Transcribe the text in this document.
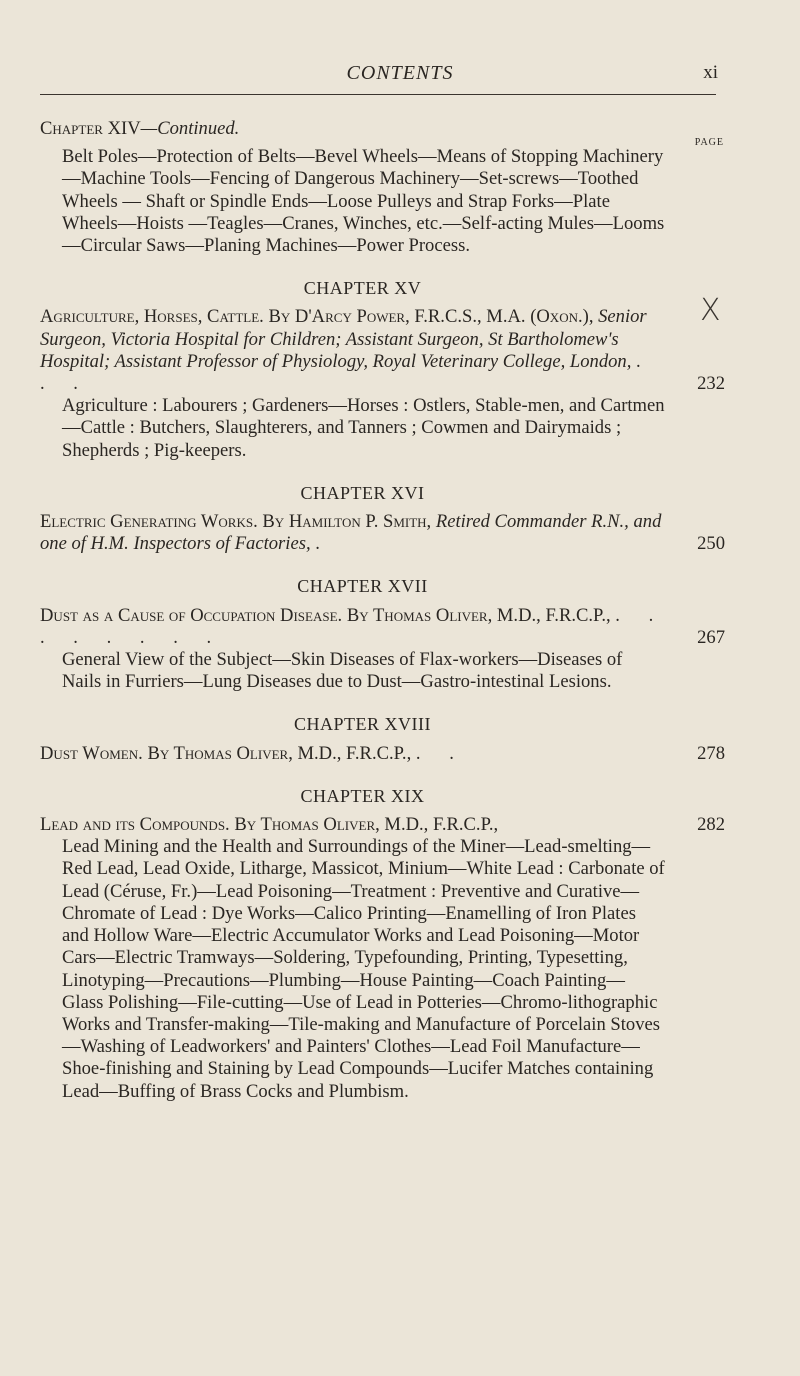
CONTENTS	xi
PAGE
X

Chapter XIV—Continued.

Belt Poles—Protection of Belts—Bevel Wheels—Means of Stopping Machinery—Machine Tools—Fencing of Dangerous Machinery—Set-screws—Toothed Wheels — Shaft or Spindle Ends—Loose Pulleys and Strap Forks—Plate Wheels—Hoists —Teagles—Cranes, Winches, etc.—Self-acting Mules—Looms —Circular Saws—Planing Machines—Power Process.

CHAPTER XV
Agriculture, Horses, Cattle. By D'Arcy Power, F.R.C.S., M.A. (Oxon.), Senior Surgeon, Victoria Hospital for Children; Assistant Surgeon, St Bartholomew's Hospital; Assistant Professor of Physiology, Royal Veterinary College, London, . . .	232

Agriculture : Labourers ; Gardeners—Horses : Ostlers, Stable-men, and Cartmen—Cattle : Butchers, Slaughterers, and Tanners ; Cowmen and Dairymaids ; Shepherds ; Pig-keepers.

CHAPTER XVI
Electric Generating Works. By Hamilton P. Smith, Retired Commander R.N., and one of H.M. Inspectors of Factories, .	250
CHAPTER XVII
Dust as a Cause of Occupation Disease. By Thomas Oliver, M.D., F.R.C.P., . . . . . . . .	267

General View of the Subject—Skin Diseases of Flax-workers—Diseases of Nails in Furriers—Lung Diseases due to Dust—Gastro-intestinal Lesions.

CHAPTER XVIII
Dust Women. By Thomas Oliver, M.D., F.R.C.P., . .	278
CHAPTER XIX
Lead and its Compounds. By Thomas Oliver, M.D., F.R.C.P.,	282

Lead Mining and the Health and Surroundings of the Miner—Lead-smelting—Red Lead, Lead Oxide, Litharge, Massicot, Minium—White Lead : Carbonate of Lead (Céruse, Fr.)—Lead Poisoning—Treatment : Preventive and Curative—Chromate of Lead : Dye Works—Calico Printing—Enamelling of Iron Plates and Hollow Ware—Electric Accumulator Works and Lead Poisoning—Motor Cars—Electric Tramways—Soldering, Typefounding, Printing, Typesetting, Linotyping—Precautions—Plumbing—House Painting—Coach Painting—Glass Polishing—File-cutting—Use of Lead in Potteries—Chromo-lithographic Works and Transfer-making—Tile-making and Manufacture of Porcelain Stoves—Washing of Leadworkers' and Painters' Clothes—Lead Foil Manufacture—Shoe-finishing and Staining by Lead Compounds—Lucifer Matches containing Lead—Buffing of Brass Cocks and Plumbism.
